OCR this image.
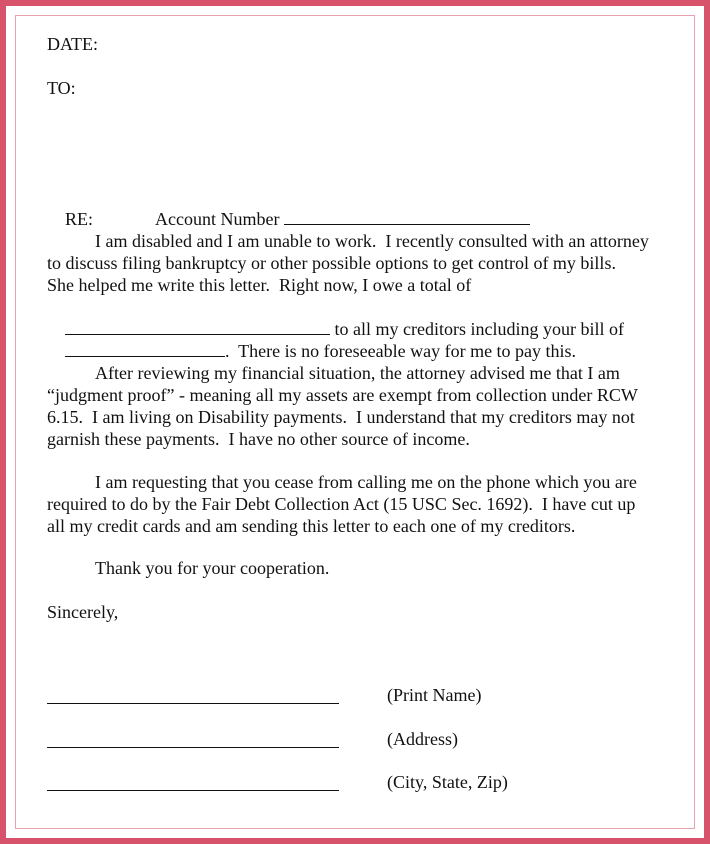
DATE:
TO:

RE:	Account Number

I am disabled and I am unable to work.  I recently consulted with an attorney
to discuss filing bankruptcy or other possible options to get control of my bills.
She helped me write this letter.  Right now, I owe a total of

to all my creditors including your bill of

.  There is no foreseeable way for me to pay this.

After reviewing my financial situation, the attorney advised me that I am
“judgment proof” - meaning all my assets are exempt from collection under RCW
6.15.  I am living on Disability payments.  I understand that my creditors may not
garnish these payments.  I have no other source of income.
I am requesting that you cease from calling me on the phone which you are
required to do by the Fair Debt Collection Act (15 USC Sec. 1692).  I have cut up
all my credit cards and am sending this letter to each one of my creditors.
Thank you for your cooperation.
Sincerely,
(Print Name)
(Address)
(City, State, Zip)
